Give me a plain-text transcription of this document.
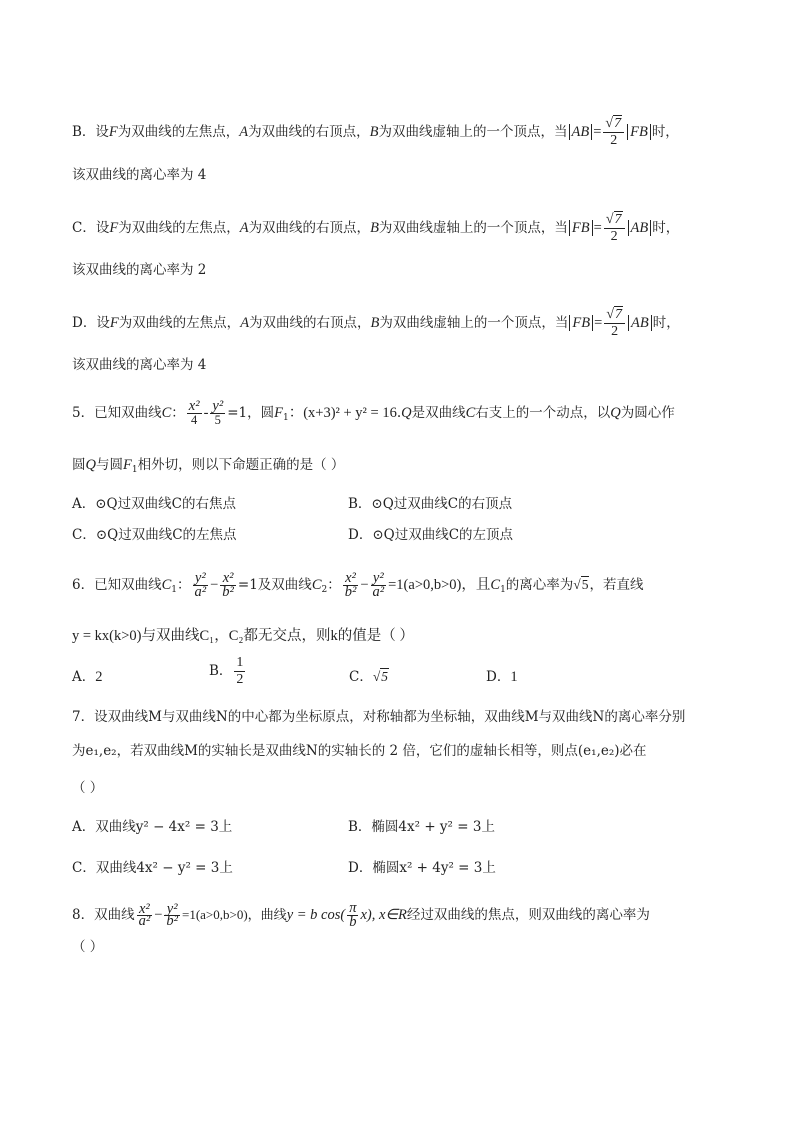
B．设F为双曲线的左焦点，A为双曲线的右顶点，B为双曲线虚轴上的一个顶点，当 AB = $\frac{√7}{2}$ FB 时，
该双曲线的离心率为 4
C．设F为双曲线的左焦点，A为双曲线的右顶点，B为双曲线虚轴上的一个顶点，当 FB = $\frac{√7}{2}$ AB 时，
该双曲线的离心率为 2
D．设F为双曲线的左焦点，A为双曲线的右顶点，B为双曲线虚轴上的一个顶点，当 FB = $\frac{√7}{2}$ AB 时，
该双曲线的离心率为 4
5．已知双曲线C： $\frac{\text{x²}}{4} - \frac{\text{y²}}{5} =1$，圆$F_1$：(x+3)² + y² = 16.Q是双曲线C右支上的一个动点，以Q为圆心作
圆Q与圆$F_1$相外切，则以下命题正确的是（ ）
A．⊙Q过双曲线C的右焦点	B．⊙Q过双曲线C的右顶点
C．⊙Q过双曲线C的左焦点	D．⊙Q过双曲线C的左顶点
6．已知双曲线$C_1$： $\frac{\text{y²}}{\text{a²}} - \frac{\text{x²}}{\text{b²}} =1$及双曲线$C_2$： $\frac{\text{x²}}{\text{b²}} - \frac{\text{y²}}{\text{a²}} =1(a>0,b>0)$，且$C_1$的离心率为√5，若直线
y = kx(k>0)与双曲线C₁，C₂都无交点，则k的值是（ ）
A．2	B． $\frac{1}{2}$	C．√5	D．1
7．设双曲线M与双曲线N的中心都为坐标原点，对称轴都为坐标轴，双曲线M与双曲线N的离心率分别
为e₁,e₂，若双曲线M的实轴长是双曲线N的实轴长的 2 倍，它们的虚轴长相等，则点(e₁,e₂)必在
（ ）
A．双曲线y² − 4x² = 3上	B．椭圆4x² + y² = 3上
C．双曲线4x² − y² = 3上	D．椭圆x² + 4y² = 3上
8．双曲线 $\frac{\text{x²}}{\text{a²}} - \frac{\text{y²}}{\text{b²}} =1(a>0,b>0)$，曲线y = b $\cos( \frac{\pi}{b} x)$, x∈R经过双曲线的焦点，则双曲线的离心率为
（ ）
